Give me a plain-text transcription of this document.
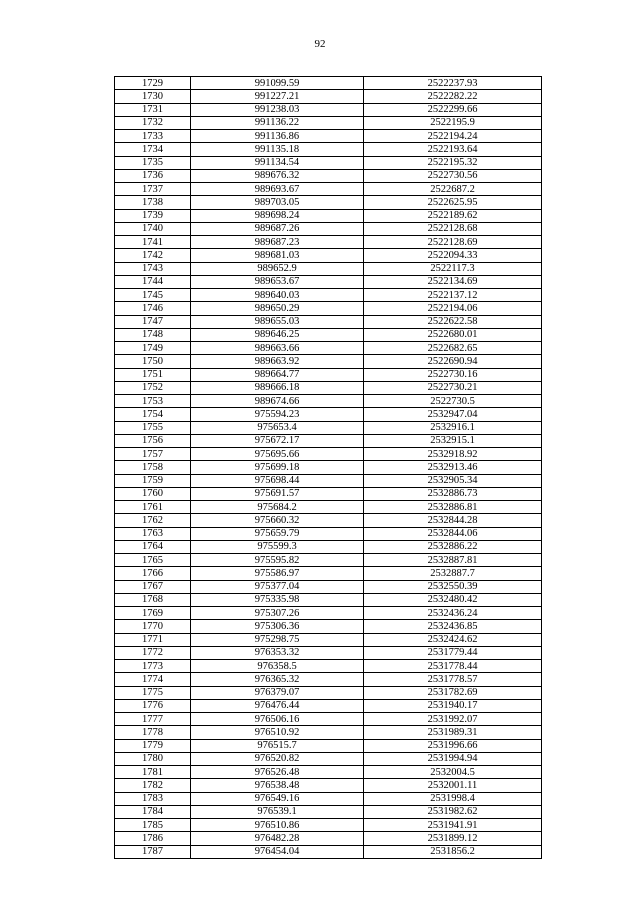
92
1729	991099.59	2522237.93
1730	991227.21	2522282.22
1731	991238.03	2522299.66
1732	991136.22	2522195.9
1733	991136.86	2522194.24
1734	991135.18	2522193.64
1735	991134.54	2522195.32
1736	989676.32	2522730.56
1737	989693.67	2522687.2
1738	989703.05	2522625.95
1739	989698.24	2522189.62
1740	989687.26	2522128.68
1741	989687.23	2522128.69
1742	989681.03	2522094.33
1743	989652.9	2522117.3
1744	989653.67	2522134.69
1745	989640.03	2522137.12
1746	989650.29	2522194.06
1747	989655.03	2522622.58
1748	989646.25	2522680.01
1749	989663.66	2522682.65
1750	989663.92	2522690.94
1751	989664.77	2522730.16
1752	989666.18	2522730.21
1753	989674.66	2522730.5
1754	975594.23	2532947.04
1755	975653.4	2532916.1
1756	975672.17	2532915.1
1757	975695.66	2532918.92
1758	975699.18	2532913.46
1759	975698.44	2532905.34
1760	975691.57	2532886.73
1761	975684.2	2532886.81
1762	975660.32	2532844.28
1763	975659.79	2532844.06
1764	975599.3	2532886.22
1765	975595.82	2532887.81
1766	975586.97	2532887.7
1767	975377.04	2532550.39
1768	975335.98	2532480.42
1769	975307.26	2532436.24
1770	975306.36	2532436.85
1771	975298.75	2532424.62
1772	976353.32	2531779.44
1773	976358.5	2531778.44
1774	976365.32	2531778.57
1775	976379.07	2531782.69
1776	976476.44	2531940.17
1777	976506.16	2531992.07
1778	976510.92	2531989.31
1779	976515.7	2531996.66
1780	976520.82	2531994.94
1781	976526.48	2532004.5
1782	976538.48	2532001.11
1783	976549.16	2531998.4
1784	976539.1	2531982.62
1785	976510.86	2531941.91
1786	976482.28	2531899.12
1787	976454.04	2531856.2
